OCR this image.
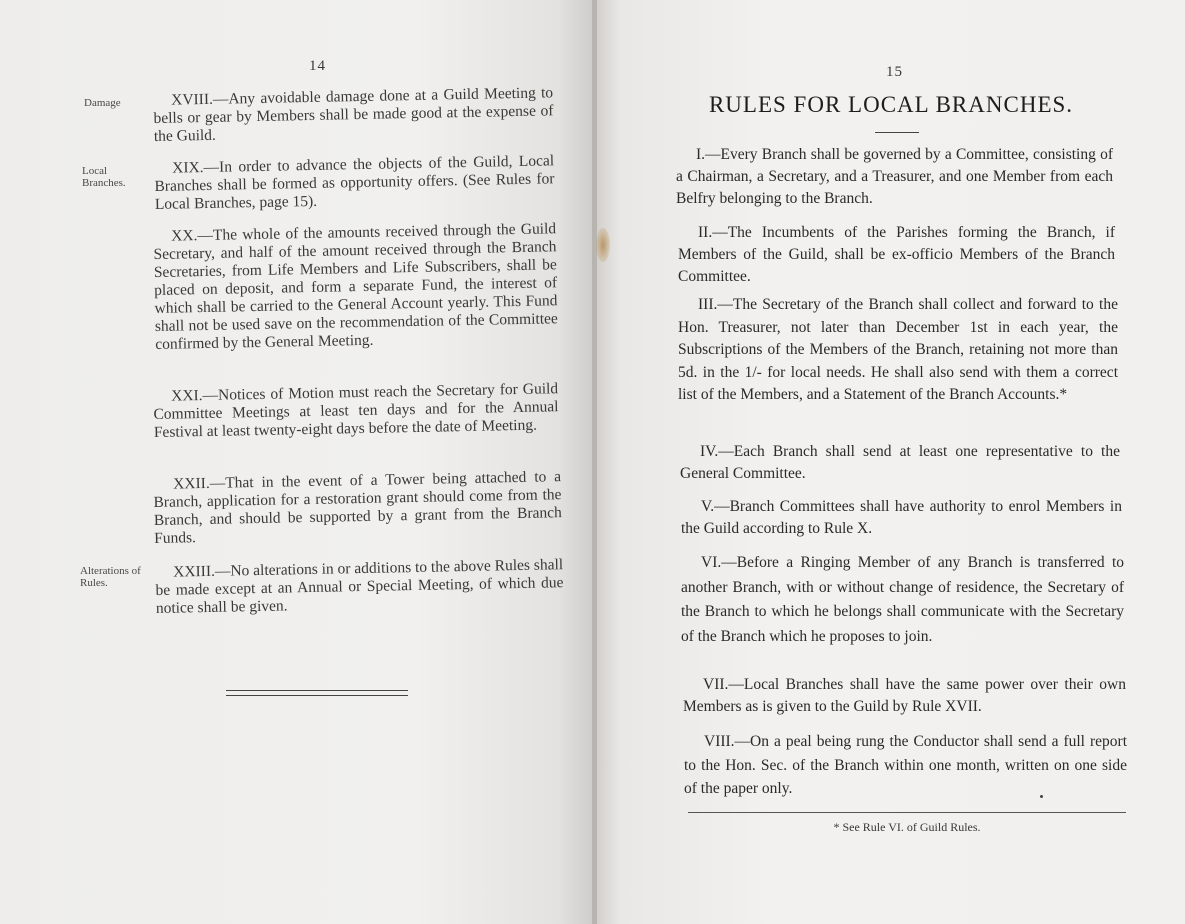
14
Damage
Local Branches.
Alterations of Rules.

XVIII.—Any avoidable damage done at a Guild Meeting to bells or gear by Members shall be made good at the expense of the Guild.

XIX.—In order to advance the objects of the Guild, Local Branches shall be formed as opportunity offers. (See Rules for Local Branches, page 15).

XX.—The whole of the amounts received through the Guild Secretary, and half of the amount received through the Branch Secretaries, from Life Members and Life Subscribers, shall be placed on deposit, and form a separate Fund, the interest of which shall be carried to the General Account yearly. This Fund shall not be used save on the recommendation of the Committee confirmed by the General Meeting.

XXI.—Notices of Motion must reach the Secretary for Guild Committee Meetings at least ten days and for the Annual Festival at least twenty-eight days before the date of Meeting.

XXII.—That in the event of a Tower being attached to a Branch, application for a restoration grant should come from the Branch, and should be supported by a grant from the Branch Funds.

XXIII.—No alterations in or additions to the above Rules shall be made except at an Annual or Special Meeting, of which due notice shall be given.

15
RULES FOR LOCAL BRANCHES.

I.—Every Branch shall be governed by a Committee, consisting of a Chairman, a Secretary, and a Treasurer, and one Member from each Belfry belonging to the Branch.

II.—The Incumbents of the Parishes forming the Branch, if Members of the Guild, shall be ex-officio Members of the Branch Committee.

III.—The Secretary of the Branch shall collect and forward to the Hon. Treasurer, not later than December 1st in each year, the Subscriptions of the Members of the Branch, retaining not more than 5d. in the 1/- for local needs. He shall also send with them a correct list of the Members, and a Statement of the Branch Accounts.*

IV.—Each Branch shall send at least one representative to the General Committee.

V.—Branch Committees shall have authority to enrol Members in the Guild according to Rule X.

VI.—Before a Ringing Member of any Branch is transferred to another Branch, with or without change of residence, the Secretary of the Branch to which he belongs shall communicate with the Secretary of the Branch which he proposes to join.

VII.—Local Branches shall have the same power over their own Members as is given to the Guild by Rule XVII.

VIII.—On a peal being rung the Conductor shall send a full report to the Hon. Sec. of the Branch within one month, written on one side of the paper only.

* See Rule VI. of Guild Rules.
